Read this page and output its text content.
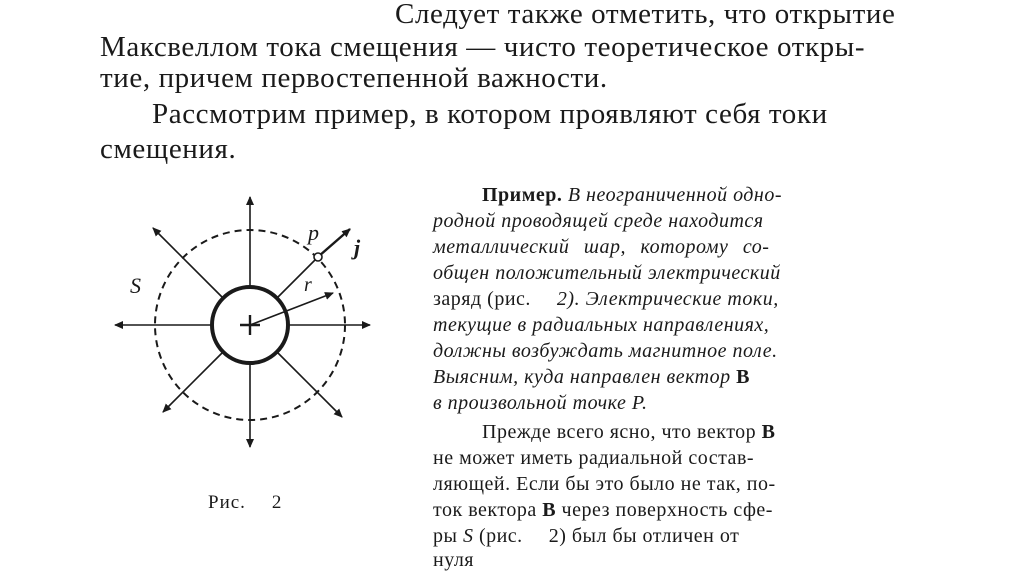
Следует также отметить, что открытие
Максвеллом тока смещения — чисто теоретическое откры-
тие, причем первостепенной важности.
Рассмотрим пример, в котором проявляют себя токи
смещения.
p
j
S	r
Рис. 2
Пример. В неограниченной одно-
родной проводящей среде находится
металлический шар, которому со-
общен положительный электрический
заряд (рис. 2). Электрические токи,
текущие в радиальных направлениях,
должны возбуждать магнитное поле.
Выясним, куда направлен вектор B
в произвольной точке P.
Прежде всего ясно, что вектор B
не может иметь радиальной состав-
ляющей. Если бы это было не так, по-
ток вектора B через поверхность сфе-
ры S (рис. 2) был бы отличен от
нуля
